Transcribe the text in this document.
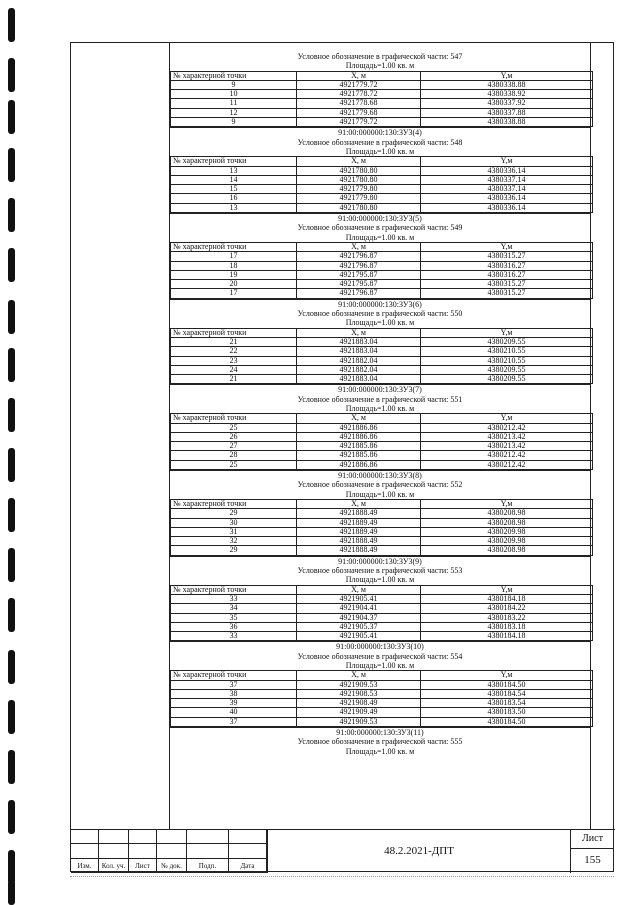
Условное обозначение в графической части: 547
Площадь=1.00 кв. м
№ характерной точки	X, м	Y,м
9	4921779.72	4380338.88
10	4921778.72	4380338.92
11	4921778.68	4380337.92
12	4921779.68	4380337.88
9	4921779.72	4380338.88
91:00:000000:130:ЗУ3(4)
Условное обозначение в графической части: 548
Площадь=1.00 кв. м
№ характерной точки	X, м	Y,м
13	4921780.80	4380336.14
14	4921780.80	4380337.14
15	4921779.80	4380337.14
16	4921779.80	4380336.14
13	4921780.80	4380336.14
91:00:000000:130:ЗУ3(5)
Условное обозначение в графической части: 549
Площадь=1.00 кв. м
№ характерной точки	X, м	Y,м
17	4921796.87	4380315.27
18	4921796.87	4380316.27
19	4921795.87	4380316.27
20	4921795.87	4380315.27
17	4921796.87	4380315.27
91:00:000000:130:ЗУ3(6)
Условное обозначение в графической части: 550
Площадь=1.00 кв. м
№ характерной точки	X, м	Y,м
21	4921883.04	4380209.55
22	4921883.04	4380210.55
23	4921882.04	4380210.55
24	4921882.04	4380209.55
21	4921883.04	4380209.55
91:00:000000:130:ЗУ3(7)
Условное обозначение в графической части: 551
Площадь=1.00 кв. м
№ характерной точки	X, м	Y,м
25	4921886.86	4380212.42
26	4921886.86	4380213.42
27	4921885.86	4380213.42
28	4921885.86	4380212.42
25	4921886.86	4380212.42
91:00:000000:130:ЗУ3(8)
Условное обозначение в графической части: 552
Площадь=1.00 кв. м
№ характерной точки	X, м	Y,м
29	4921888.49	4380208.98
30	4921889.49	4380208.98
31	4921889.49	4380209.98
32	4921888.49	4380209.98
29	4921888.49	4380208.98
91:00:000000:130:ЗУ3(9)
Условное обозначение в графической части: 553
Площадь=1.00 кв. м
№ характерной точки	X, м	Y,м
33	4921905.41	4380184.18
34	4921904.41	4380184.22
35	4921904.37	4380183.22
36	4921905.37	4380183.18
33	4921905.41	4380184.18
91:00:000000:130:ЗУ3(10)
Условное обозначение в графической части: 554
Площадь=1.00 кв. м
№ характерной точки	X, м	Y,м
37	4921909.53	4380184.50
38	4921908.53	4380184.54
39	4921908.49	4380183.54
40	4921909.49	4380183.50
37	4921909.53	4380184.50
91:00:000000:130:ЗУ3(11)
Условное обозначение в графической части: 555
Площадь=1.00 кв. м
Изм.	Кол. уч.	Лист	№ док.	Подп.	Дата
48.2.2021-ДПТ
Лист
155
